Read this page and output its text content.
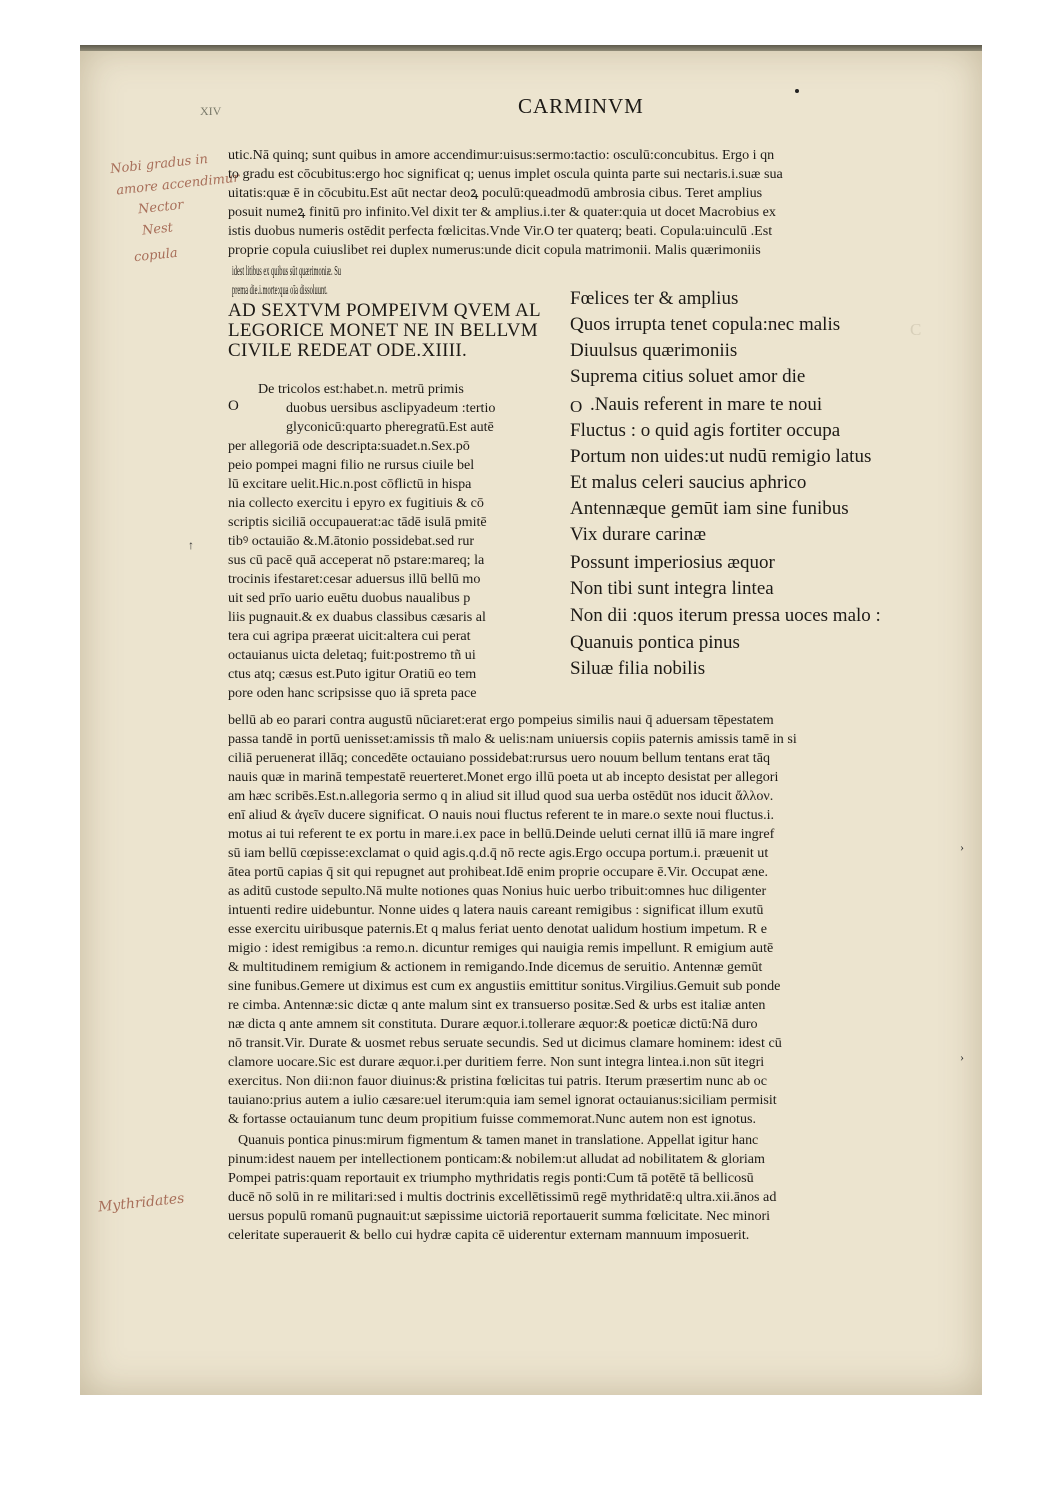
C
XIV	CARMINVM
Nobi gradus in
amore accendimur
Nector
Nest
copula
Mythridates
↑
›
›
utic.Nā quinq; sunt quibus in amore accendimur:uisus:sermo:tactio: osculū:concubitus. Ergo i qn
to gradu est cōcubitus:ergo hoc significat q; uenus implet oscula quinta parte sui nectaris.i.suæ sua
uitatis:quæ ē in cōcubitu.Est aūt nectar deoꝝ poculū:queadmodū ambrosia cibus. Teret amplius
posuit numeꝝ finitū pro infinito.Vel dixit ter & amplius.i.ter & quater:quia ut docet Macrobius ex
istis duobus numeris ostēdit perfecta fœlicitas.Vnde Vir.O ter quaterq; beati. Copula:uinculū .Est
proprie copula cuiuslibet rei duplex numerus:unde dicit copula matrimonii. Malis quærimoniis
idest litibus ex quibus sūt quærimoniæ. Su
prema die.i.morte:qua oīa dissoluunt.
AD SEXTVM POMPEIVM QVEM AL
LEGORICE MONET NE IN BELLVM
CIVILE REDEAT ODE.XIIII.
Fœlices ter & amplius
Quos irrupta tenet copula:nec malis
Diuulsus quærimoniis
Suprema citius soluet amor die
O .Nauis referent in mare te noui
Fluctus : o quid agis fortiter occupa
Portum non uides:ut nudū remigio latus
Et malus celeri saucius aphrico
Antennæque gemūt iam sine funibus
Vix durare carinæ
Possunt imperiosius æquor
Non tibi sunt integra lintea
Non dii :quos iterum pressa uoces malo :
Quanuis pontica pinus
Siluæ filia nobilis
O
De tricolos est:habet.n. metrū primis
duobus uersibus asclipyadeum :tertio
glyconicū:quarto pheregratū.Est autē
per allegoriā ode descripta:suadet.n.Sex.pō
peio pompei magni filio ne rursus ciuile bel
lū excitare uelit.Hic.n.post cōflictū in hispa
nia collecto exercitu i epyro ex fugitiuis & cō
scriptis siciliā occupauerat:ac tādē isulā pmitē
tibꝰ octauiāo &.M.ātonio possidebat.sed rur
sus cū pacē quā acceperat nō pstare:mareq; la
trocinis ifestaret:cesar aduersus illū bellū mo
uit sed prīo uario euētu duobus naualibus p
liis pugnauit.& ex duabus classibus cæsaris al
tera cui agripa præerat uicit:altera cui perat
octauianus uicta deletaq; fuit:postremo tñ ui
ctus atq; cæsus est.Puto igitur Oratiū eo tem
pore oden hanc scripsisse quo iā spreta pace
bellū ab eo parari contra augustū nūciaret:erat ergo pompeius similis naui q̄ aduersam tēpestatem
passa tandē in portū uenisset:amissis tñ malo & uelis:nam uniuersis copiis paternis amissis tamē in si
ciliā peruenerat illāq; concedēte octauiano possidebat:rursus uero nouum bellum tentans erat tāq
nauis quæ in marinā tempestatē reuerteret.Monet ergo illū poeta ut ab incepto desistat per allegori
am hæc scribēs.Est.n.allegoria sermo q in aliud sit illud quod sua uerba ostēdūt nos iducit ἄλλον.
enī aliud & ἀγεῖν ducere significat. O nauis noui fluctus referent te in mare.o sexte noui fluctus.i.
motus ai tui referent te ex portu in mare.i.ex pace in bellū.Deinde ueluti cernat illū iā mare ingref
sū iam bellū cœpisse:exclamat o quid agis.q.d.q̄ nō recte agis.Ergo occupa portum.i. præuenit ut
ātea portū capias q̄ sit qui repugnet aut prohibeat.Idē enim proprie occupare ē.Vir. Occupat æne.
as aditū custode sepulto.Nā multe notiones quas Nonius huic uerbo tribuit:omnes huc diligenter
intuenti redire uidebuntur. Nonne uides q latera nauis careant remigibus : significat illum exutū
esse exercitu uiribusque paternis.Et q malus feriat uento denotat ualidum hostium impetum. R e
migio : idest remigibus :a remo.n. dicuntur remiges qui nauigia remis impellunt. R emigium autē
& multitudinem remigium & actionem in remigando.Inde dicemus de seruitio. Antennæ gemūt
sine funibus.Gemere ut diximus est cum ex angustiis emittitur sonitus.Virgilius.Gemuit sub ponde
re cimba. Antennæ:sic dictæ q ante malum sint ex transuerso positæ.Sed & urbs est italiæ anten
næ dicta q ante amnem sit constituta. Durare æquor.i.tollerare æquor:& poeticæ dictū:Nā duro
nō transit.Vir. Durate & uosmet rebus seruate secundis. Sed ut dicimus clamare hominem: idest cū
clamore uocare.Sic est durare æquor.i.per duritiem ferre. Non sunt integra lintea.i.non sūt itegri
exercitus. Non dii:non fauor diuinus:& pristina fœlicitas tui patris. Iterum præsertim nunc ab oc
tauiano:prius autem a iulio cæsare:uel iterum:quia iam semel ignorat octauianus:siciliam permisit
& fortasse octauianum tunc deum propitium fuisse commemorat.Nunc autem non est ignotus.
Quanuis pontica pinus:mirum figmentum & tamen manet in translatione. Appellat igitur hanc
pinum:idest nauem per intellectionem ponticam:& nobilem:ut alludat ad nobilitatem & gloriam
Pompei patris:quam reportauit ex triumpho mythridatis regis ponti:Cum tā potētē tā bellicosū
ducē nō solū in re militari:sed i multis doctrinis excellētissimū regē mythridatē:q ultra.xii.ānos ad
uersus populū romanū pugnauit:ut sæpissime uictoriā reportauerit summa fœlicitate. Nec minori
celeritate superauerit & bello cui hydræ capita cē uiderentur externam mannuum imposuerit.
